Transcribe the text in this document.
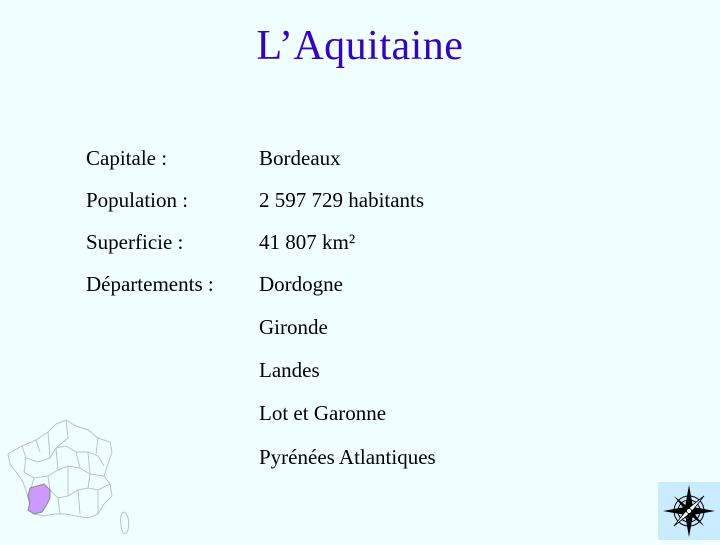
L’Aquitaine
Capitale :	Bordeaux
Population :	2 597 729 habitants
Superficie :	41 807 km²
Départements : Dordogne
Gironde
Landes
Lot et Garonne
Pyrénées Atlantiques
